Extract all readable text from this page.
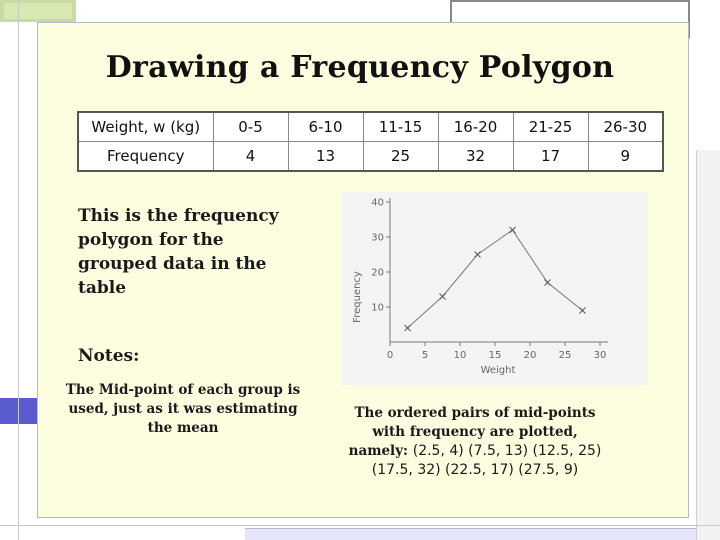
Drawing a Frequency Polygon
Weight, w (kg)	0-5	6-10	11-15	16-20	21-25	26-30
Frequency	4	13	25	32	17	9
This is the frequency
polygon for the
grouped data in the
table
Notes:
The Mid-point of each group is
used, just as it was estimating
the mean
0	5	10 15 20 25 30
10
20
30
40
Frequency
Weight
The ordered pairs of mid-points
with frequency are plotted,
namely: (2.5, 4) (7.5, 13) (12.5, 25)
(17.5, 32) (22.5, 17) (27.5, 9)
